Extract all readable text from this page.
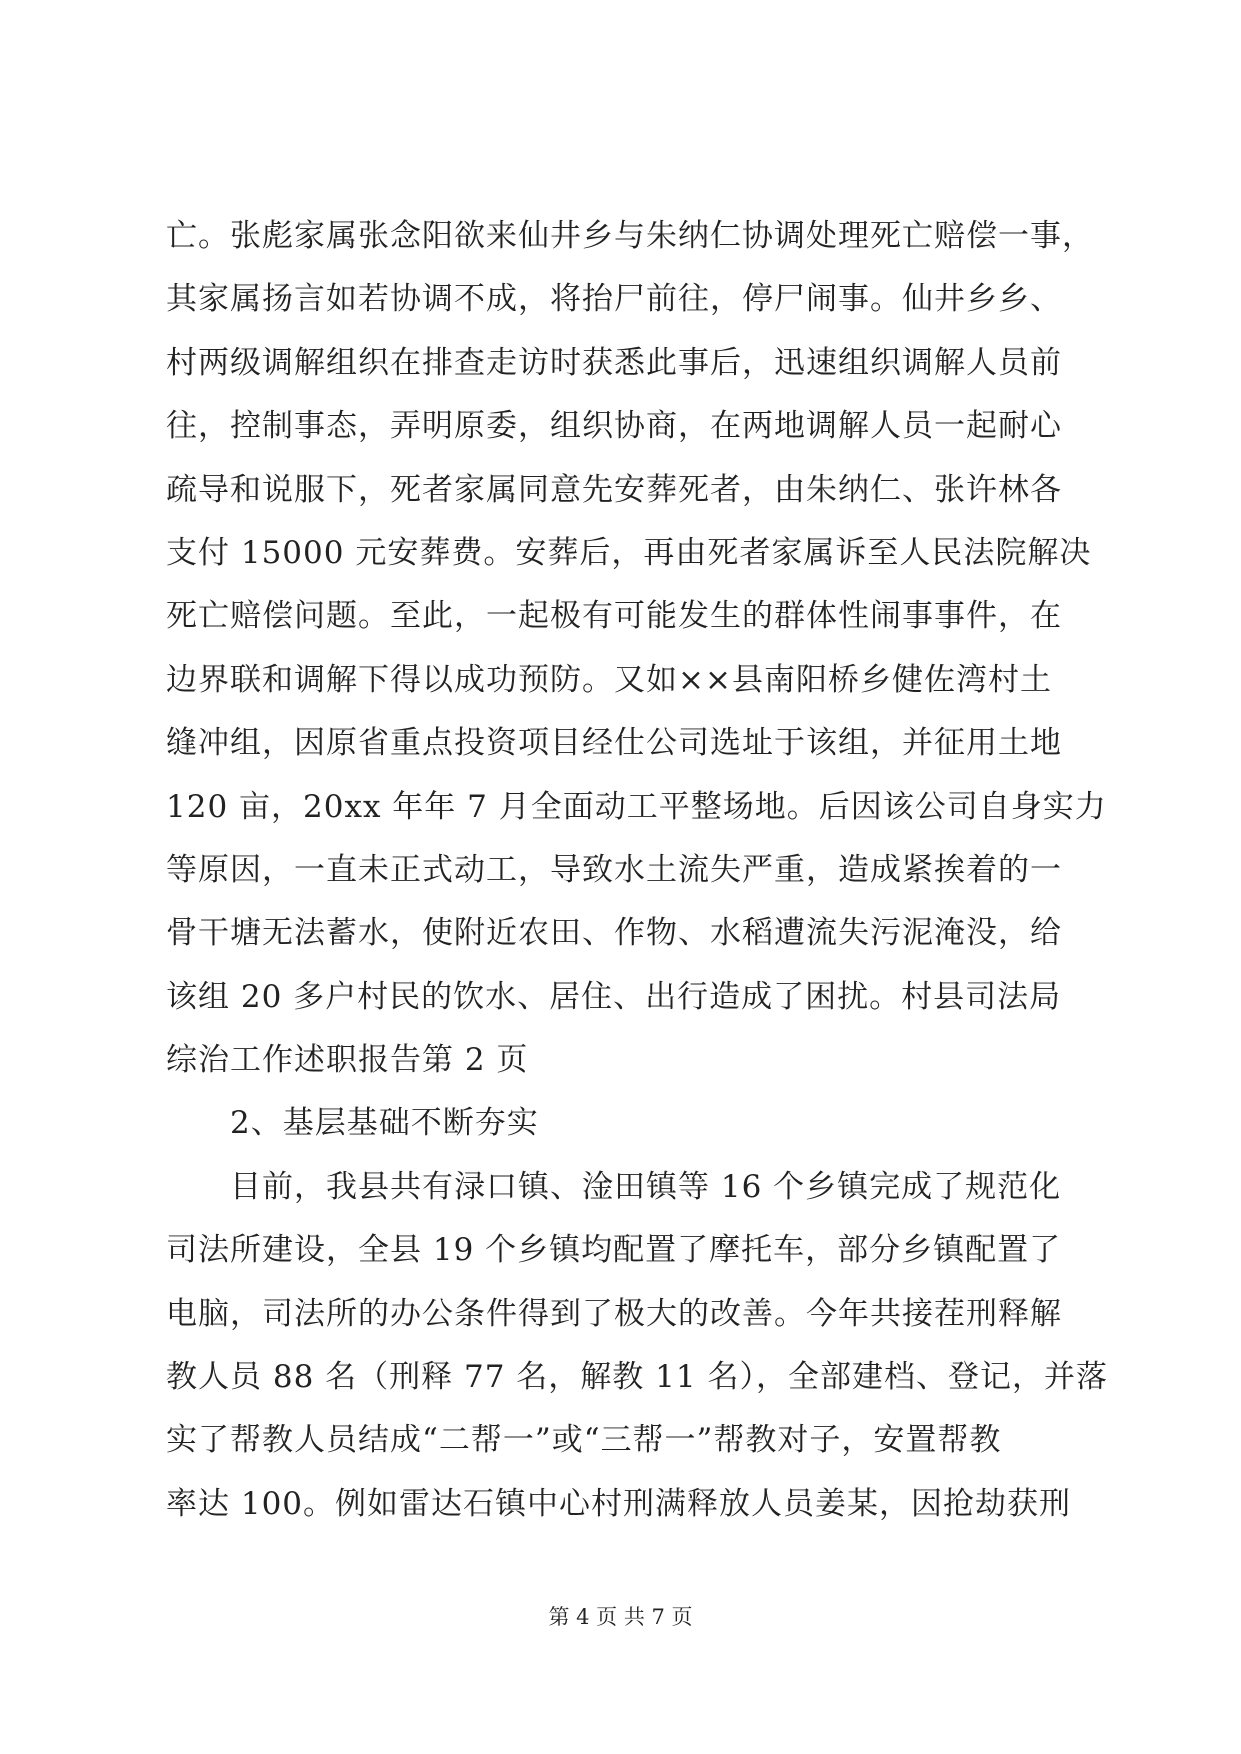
亡。张彪家属张念阳欲来仙井乡与朱纳仁协调处理死亡赔偿一事，
其家属扬言如若协调不成，将抬尸前往，停尸闹事。仙井乡乡、
村两级调解组织在排查走访时获悉此事后，迅速组织调解人员前
往，控制事态，弄明原委，组织协商，在两地调解人员一起耐心
疏导和说服下，死者家属同意先安葬死者，由朱纳仁、张许林各
支付 15000 元安葬费。安葬后，再由死者家属诉至人民法院解决
死亡赔偿问题。至此，一起极有可能发生的群体性闹事事件，在
边界联和调解下得以成功预防。又如××县南阳桥乡健佐湾村土
缝冲组，因原省重点投资项目经仕公司选址于该组，并征用土地
120 亩，20xx 年年 7 月全面动工平整场地。后因该公司自身实力
等原因，一直未正式动工，导致水土流失严重，造成紧挨着的一
骨干塘无法蓄水，使附近农田、作物、水稻遭流失污泥淹没，给
该组 20 多户村民的饮水、居住、出行造成了困扰。村县司法局
综治工作述职报告第 2 页
　　2、基层基础不断夯实
　　目前，我县共有渌口镇、淦田镇等 16 个乡镇完成了规范化
司法所建设，全县 19 个乡镇均配置了摩托车，部分乡镇配置了
电脑，司法所的办公条件得到了极大的改善。今年共接茬刑释解
教人员 88 名（刑释 77 名，解教 11 名），全部建档、登记，并落
实了帮教人员结成“二帮一”或“三帮一”帮教对子，安置帮教
率达 100。例如雷达石镇中心村刑满释放人员姜某，因抢劫获刑
第 4 页 共 7 页
